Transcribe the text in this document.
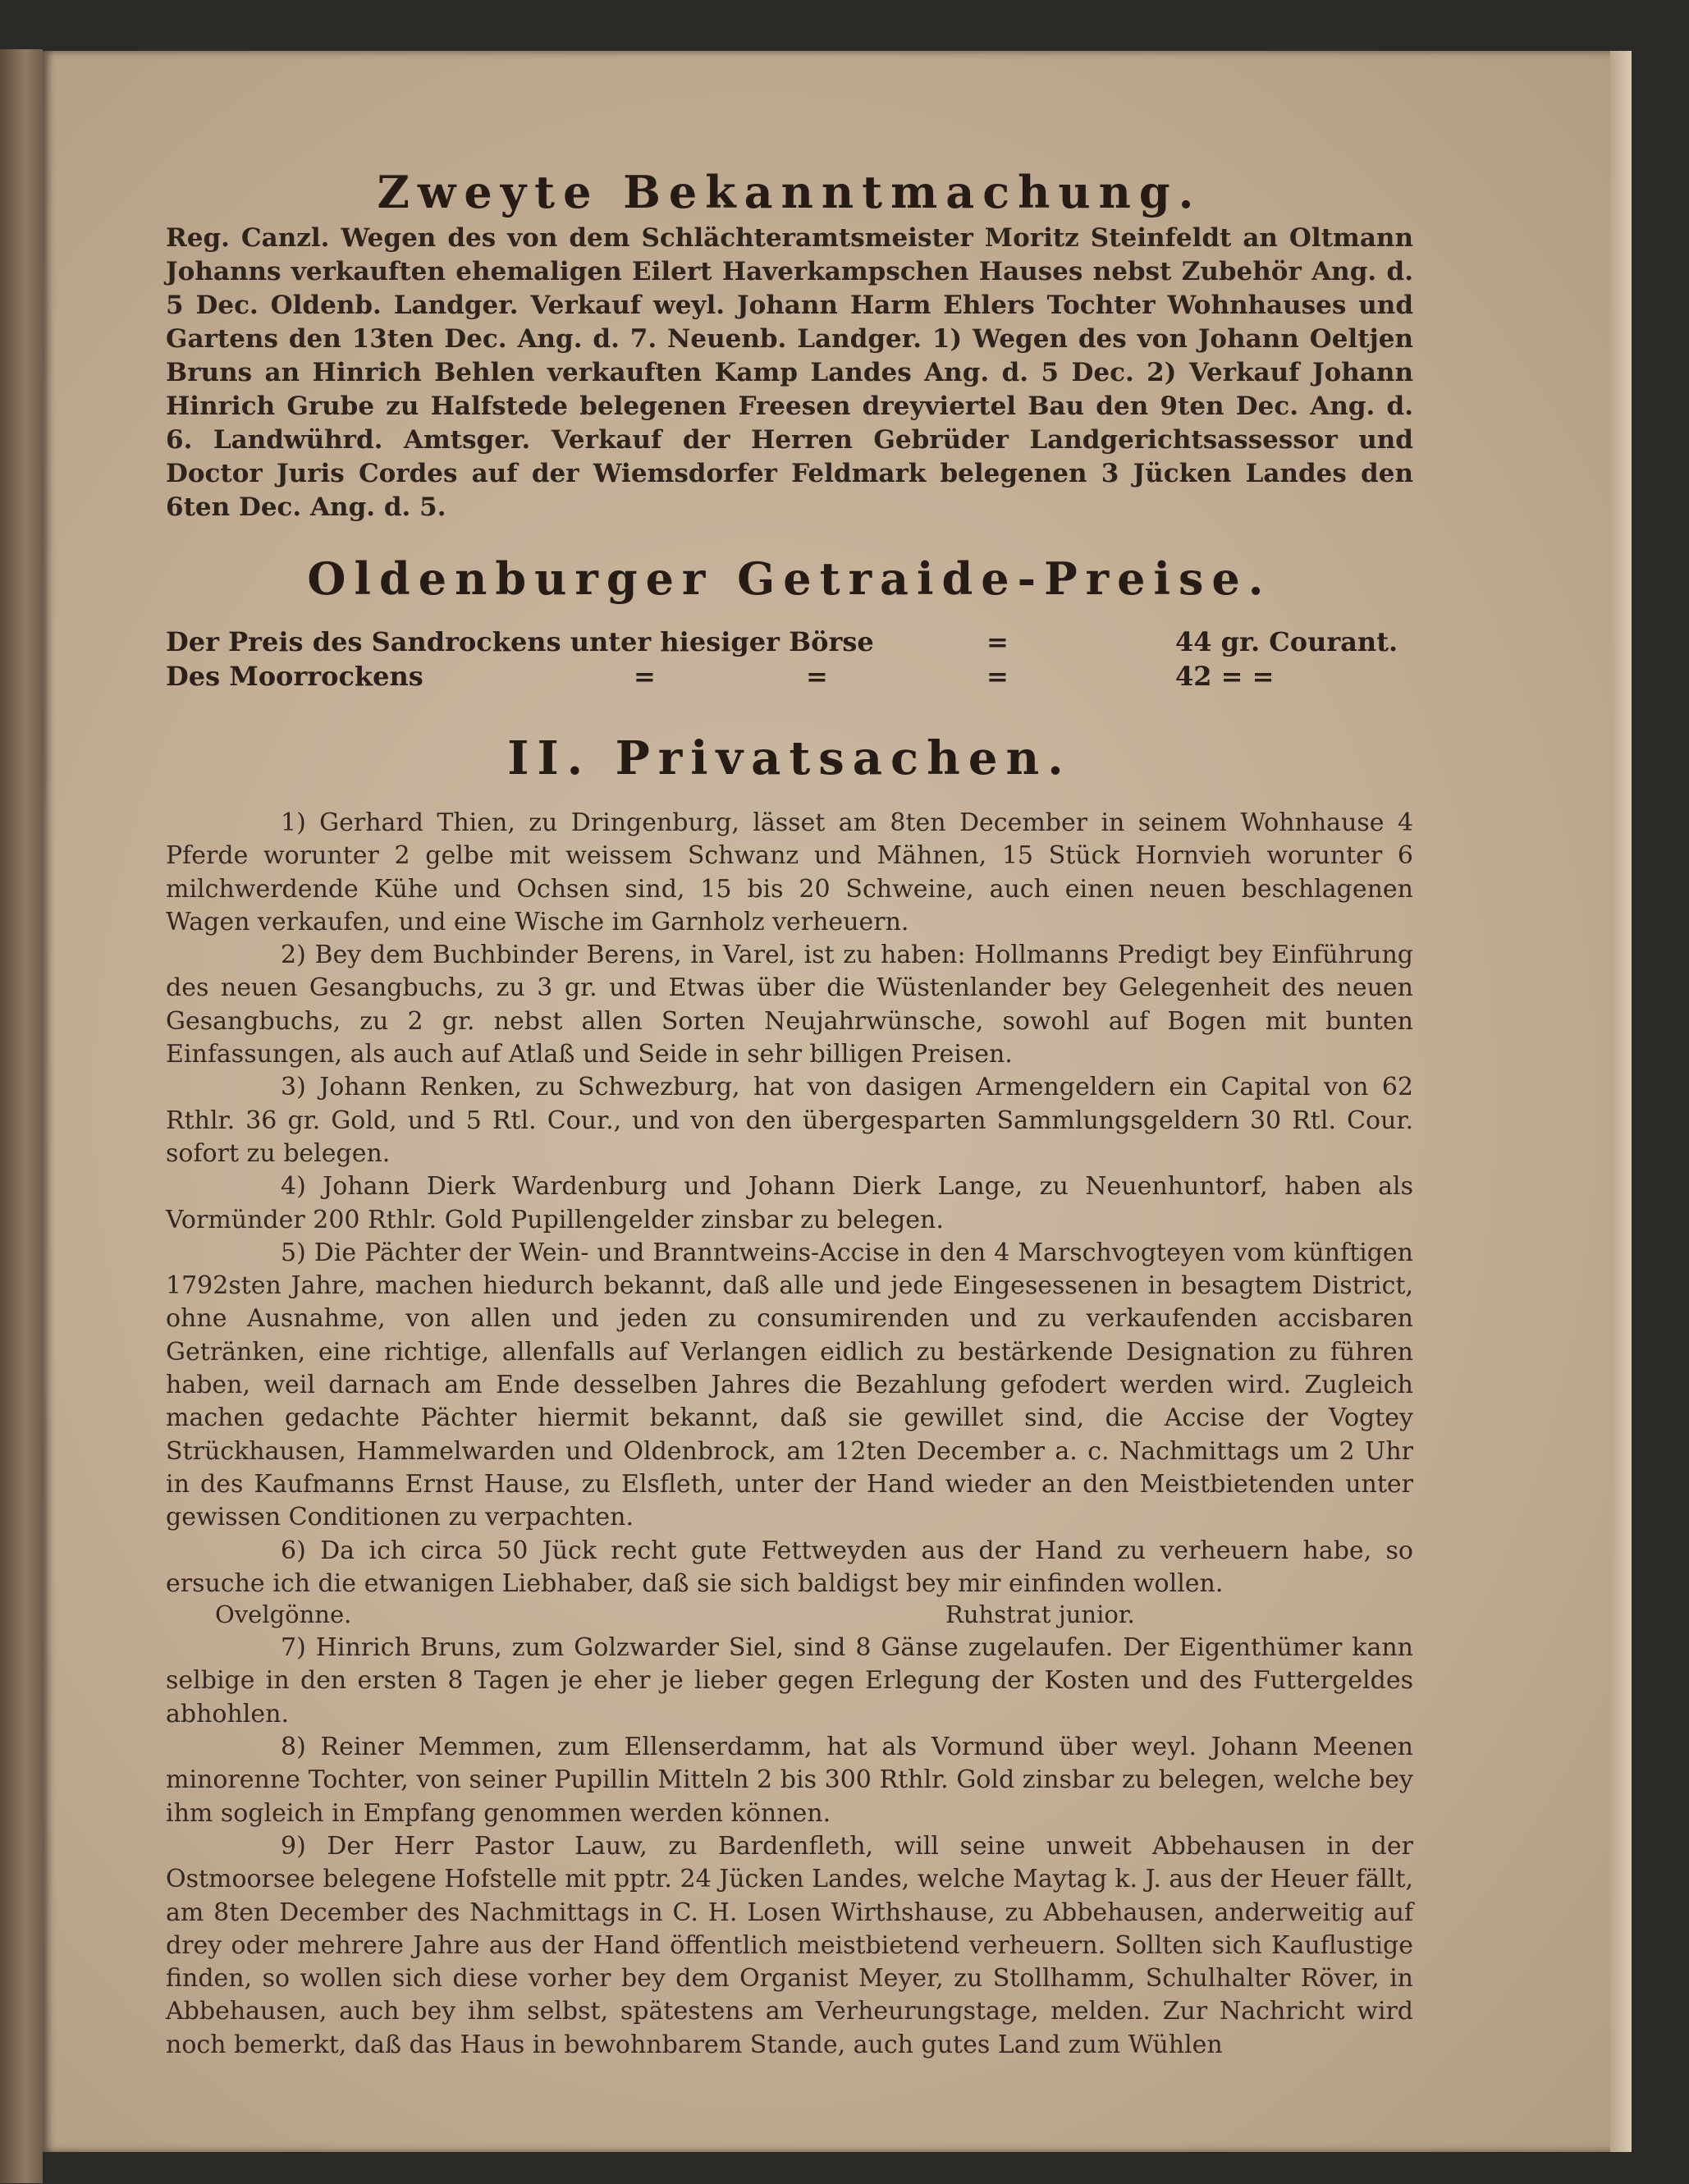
Zweyte Bekanntmachung.

Reg. Canzl. Wegen des von dem Schlächteramtsmeister Moritz Steinfeldt an Oltmann Johanns verkauften ehemaligen Eilert Haverkampschen Hauses nebst Zubehör Ang. d. 5 Dec. Oldenb. Landger. Verkauf weyl. Johann Harm Ehlers Tochter Wohnhauses und Gartens den 13ten Dec. Ang. d. 7. Neuenb. Landger. 1) Wegen des von Johann Oeltjen Bruns an Hinrich Behlen verkauften Kamp Landes Ang. d. 5 Dec. 2) Verkauf Johann Hinrich Grube zu Halfstede belegenen Freesen dreyviertel Bau den 9ten Dec. Ang. d. 6. Landwührd. Amtsger. Verkauf der Herren Gebrüder Landgerichtsassessor und Doctor Juris Cordes auf der Wiemsdorfer Feldmark belegenen 3 Jücken Landes den 6ten Dec. Ang. d. 5.

Oldenburger Getraide-Preise.
Der Preis des Sandrockens unter hiesiger Börse	=	44 gr. Courant.
Des Moorrockens	=	=	=	42 = =
II. Privatsachen.

1) Gerhard Thien, zu Dringenburg, lässet am 8ten December in seinem Wohnhause 4 Pferde worunter 2 gelbe mit weissem Schwanz und Mähnen, 15 Stück Hornvieh worunter 6 milchwerdende Kühe und Ochsen sind, 15 bis 20 Schweine, auch einen neuen beschlagenen Wagen verkaufen, und eine Wische im Garnholz verheuern.

2) Bey dem Buchbinder Berens, in Varel, ist zu haben: Hollmanns Predigt bey Einführung des neuen Gesangbuchs, zu 3 gr. und Etwas über die Wüstenlander bey Gelegenheit des neuen Gesangbuchs, zu 2 gr. nebst allen Sorten Neujahrwünsche, sowohl auf Bogen mit bunten Einfassungen, als auch auf Atlaß und Seide in sehr billigen Preisen.

3) Johann Renken, zu Schwezburg, hat von dasigen Armengeldern ein Capital von 62 Rthlr. 36 gr. Gold, und 5 Rtl. Cour., und von den übergesparten Sammlungsgeldern 30 Rtl. Cour. sofort zu belegen.

4) Johann Dierk Wardenburg und Johann Dierk Lange, zu Neuenhuntorf, haben als Vormünder 200 Rthlr. Gold Pupillengelder zinsbar zu belegen.

5) Die Pächter der Wein- und Branntweins-Accise in den 4 Marschvogteyen vom künftigen 1792sten Jahre, machen hiedurch bekannt, daß alle und jede Eingesessenen in besagtem District, ohne Ausnahme, von allen und jeden zu consumirenden und zu verkaufenden accisbaren Getränken, eine richtige, allenfalls auf Verlangen eidlich zu bestärkende Designation zu führen haben, weil darnach am Ende desselben Jahres die Bezahlung gefodert werden wird. Zugleich machen gedachte Pächter hiermit bekannt, daß sie gewillet sind, die Accise der Vogtey Strückhausen, Hammelwarden und Oldenbrock, am 12ten December a. c. Nachmittags um 2 Uhr in des Kaufmanns Ernst Hause, zu Elsfleth, unter der Hand wieder an den Meistbietenden unter gewissen Conditionen zu verpachten.

6) Da ich circa 50 Jück recht gute Fettweyden aus der Hand zu verheuern habe, so ersuche ich die etwanigen Liebhaber, daß sie sich baldigst bey mir einfinden wollen.

Ovelgönne.	Ruhstrat junior.

7) Hinrich Bruns, zum Golzwarder Siel, sind 8 Gänse zugelaufen. Der Eigenthümer kann selbige in den ersten 8 Tagen je eher je lieber gegen Erlegung der Kosten und des Futtergeldes abhohlen.

8) Reiner Memmen, zum Ellenserdamm, hat als Vormund über weyl. Johann Meenen minorenne Tochter, von seiner Pupillin Mitteln 2 bis 300 Rthlr. Gold zinsbar zu belegen, welche bey ihm sogleich in Empfang genommen werden können.

9) Der Herr Pastor Lauw, zu Bardenfleth, will seine unweit Abbehausen in der Ostmoorsee belegene Hofstelle mit pptr. 24 Jücken Landes, welche Maytag k. J. aus der Heuer fällt, am 8ten December des Nachmittags in C. H. Losen Wirthshause, zu Abbehausen, anderweitig auf drey oder mehrere Jahre aus der Hand öffentlich meistbietend verheuern. Sollten sich Kauflustige finden, so wollen sich diese vorher bey dem Organist Meyer, zu Stollhamm, Schulhalter Röver, in Abbehausen, auch bey ihm selbst, spätestens am Verheurungstage, melden. Zur Nachricht wird noch bemerkt, daß das Haus in bewohnbarem Stande, auch gutes Land zum Wühlen
